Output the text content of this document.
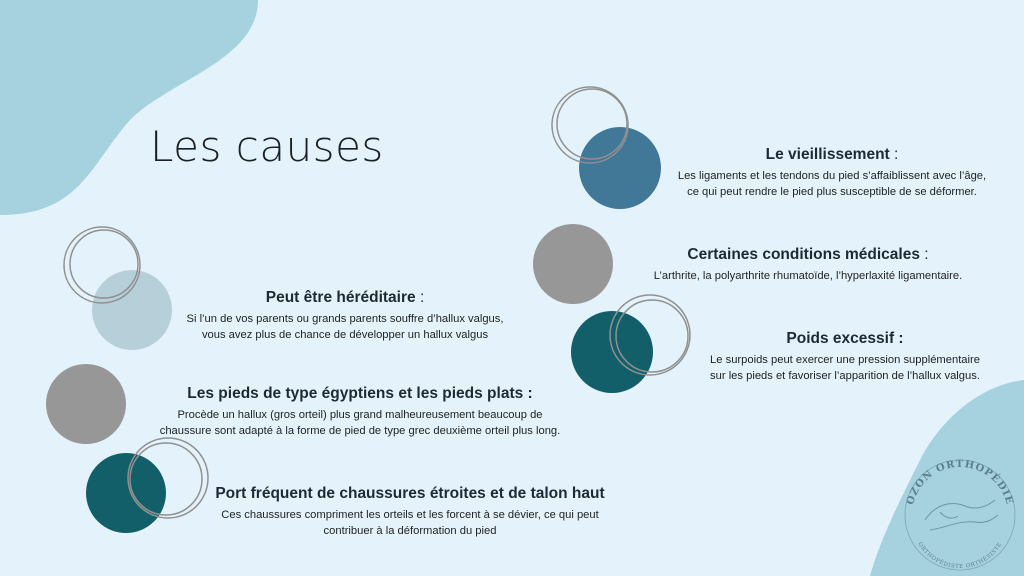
OZON ORTHOPÉDIE
ORTHOPÉDISTE ORTHÉSISTE
Les causes	Le vieillissement :
Les ligaments et les tendons du pied s’affaiblissent avec l’âge,
ce qui peut rendre le pied plus susceptible de se déformer.
Certaines conditions médicales :
L’arthrite, la polyarthrite rhumatoïde, l’hyperlaxité ligamentaire.
Poids excessif :
Le surpoids peut exercer une pression supplémentaire
sur les pieds et favoriser l’apparition de l’hallux valgus.
Peut être héréditaire :
Si l’un de vos parents ou grands parents souffre d’hallux valgus,
vous avez plus de chance de développer un hallux valgus
Les pieds de type égyptiens et les pieds plats :
Procède un hallux (gros orteil) plus grand malheureusement beaucoup de
chaussure sont adapté à la forme de pied de type grec deuxième orteil plus long.
Port fréquent de chaussures étroites et de talon haut
Ces chaussures compriment les orteils et les forcent à se dévier, ce qui peut
contribuer à la déformation du pied
